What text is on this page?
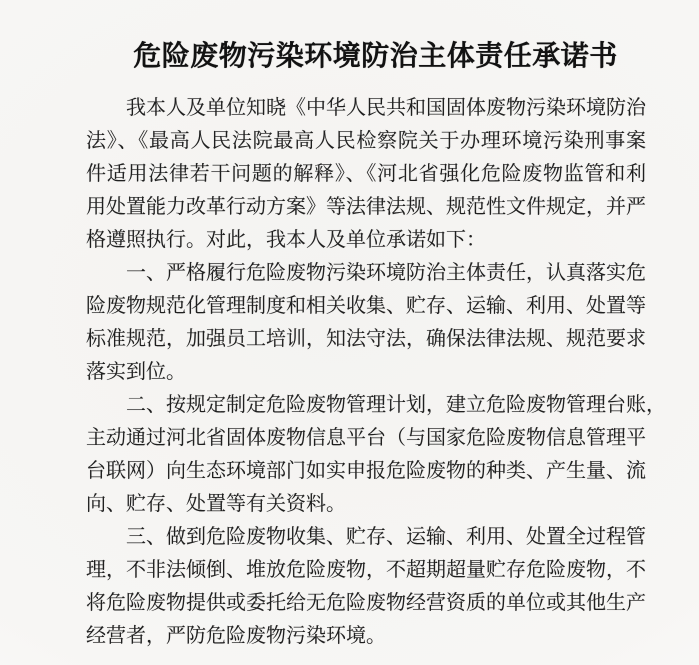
危险废物污染环境防治主体责任承诺书
　　我本人及单位知晓《中华人民共和国固体废物污染环境防治
法》、《最高人民法院最高人民检察院关于办理环境污染刑事案
件适用法律若干问题的解释》、《河北省强化危险废物监管和利
用处置能力改革行动方案》等法律法规、规范性文件规定，并严
格遵照执行。对此，我本人及单位承诺如下：
　　一、严格履行危险废物污染环境防治主体责任，认真落实危
险废物规范化管理制度和相关收集、贮存、运输、利用、处置等
标准规范，加强员工培训，知法守法，确保法律法规、规范要求
落实到位。
　　二、按规定制定危险废物管理计划，建立危险废物管理台账，
主动通过河北省固体废物信息平台（与国家危险废物信息管理平
台联网）向生态环境部门如实申报危险废物的种类、产生量、流
向、贮存、处置等有关资料。
　　三、做到危险废物收集、贮存、运输、利用、处置全过程管
理，不非法倾倒、堆放危险废物，不超期超量贮存危险废物，不
将危险废物提供或委托给无危险废物经营资质的单位或其他生产
经营者，严防危险废物污染环境。
